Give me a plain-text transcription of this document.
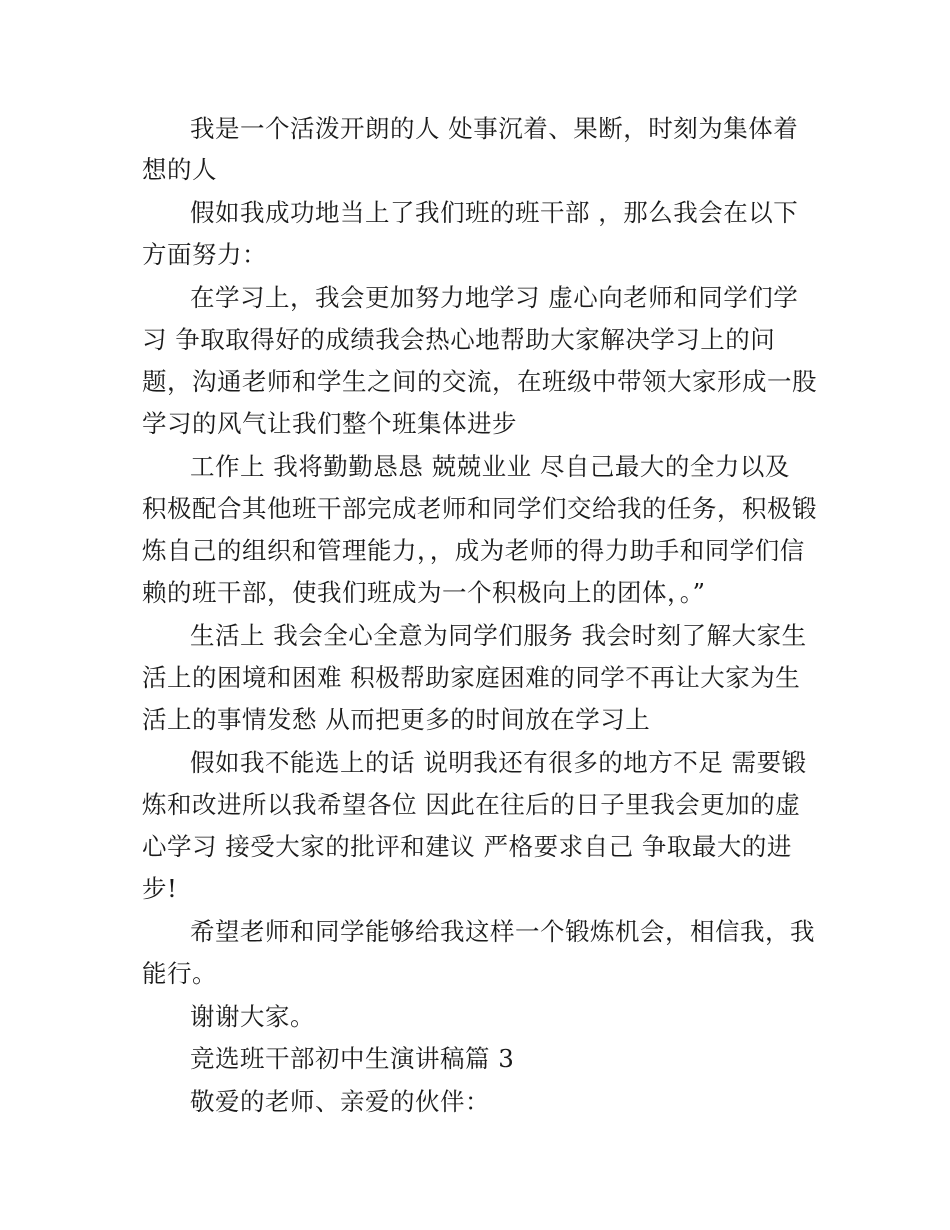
我是一个活泼开朗的人 处事沉着、果断，时刻为集体着
想的人
假如我成功地当上了我们班的班干部 ，那么我会在以下
方面努力：
在学习上，我会更加努力地学习 虚心向老师和同学们学
习 争取取得好的成绩我会热心地帮助大家解决学习上的问
题，沟通老师和学生之间的交流，在班级中带领大家形成一股
学习的风气让我们整个班集体进步
工作上 我将勤勤恳恳 兢兢业业 尽自己最大的全力以及
积极配合其他班干部完成老师和同学们交给我的任务，积极锻
炼自己的组织和管理能力，，成为老师的得力助手和同学们信
赖的班干部，使我们班成为一个积极向上的团体，。”
生活上 我会全心全意为同学们服务 我会时刻了解大家生
活上的困境和困难 积极帮助家庭困难的同学不再让大家为生
活上的事情发愁 从而把更多的时间放在学习上
假如我不能选上的话 说明我还有很多的地方不足 需要锻
炼和改进所以我希望各位 因此在往后的日子里我会更加的虚
心学习 接受大家的批评和建议 严格要求自己 争取最大的进
步!
希望老师和同学能够给我这样一个锻炼机会，相信我，我
能行。
谢谢大家。
竞选班干部初中生演讲稿篇 3
敬爱的老师、亲爱的伙伴：
